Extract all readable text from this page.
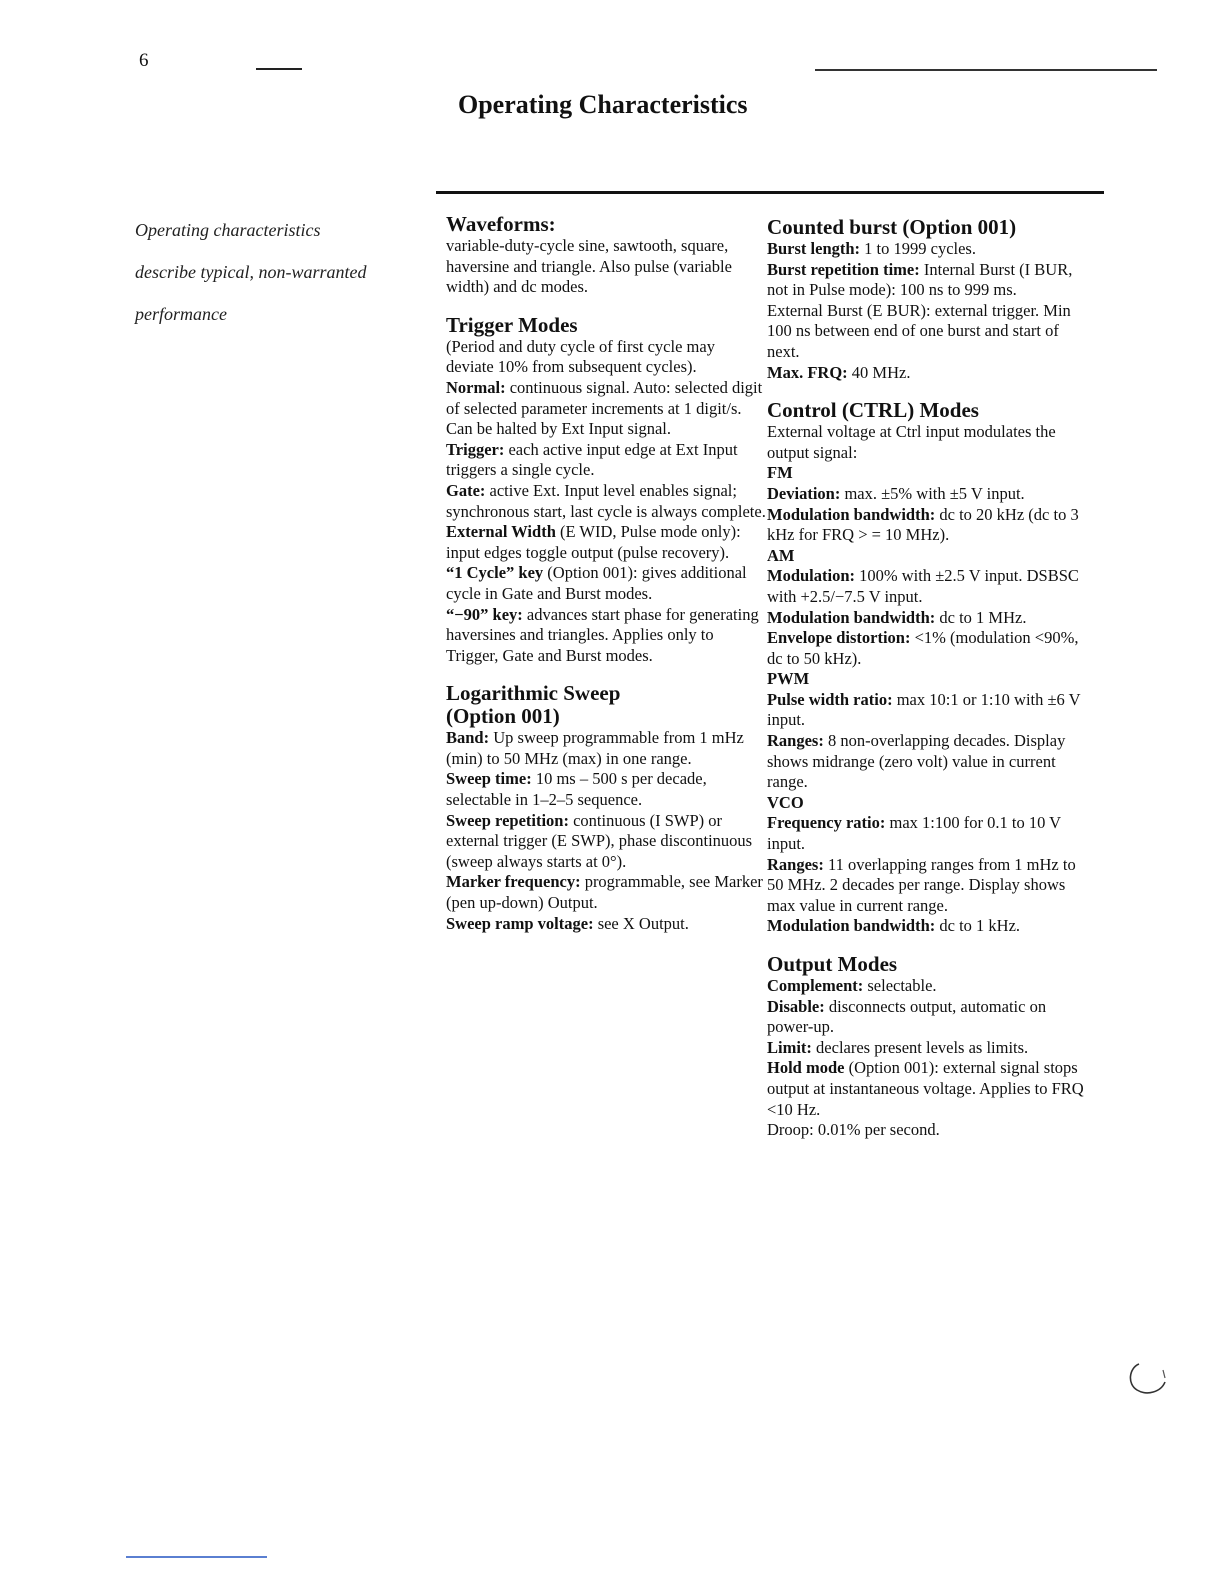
6
Operating Characteristics
Operating characteristics
describe typical, non-warranted
performance
Waveforms:

variable-duty-cycle sine, sawtooth, square, haversine and triangle. Also pulse (variable width) and dc modes.

Trigger Modes

(Period and duty cycle of first cycle may deviate 10% from subsequent cycles).

Normal: continuous signal. Auto: selected digit of selected parameter increments at 1 digit/s. Can be halted by Ext Input signal.

Trigger: each active input edge at Ext Input triggers a single cycle.

Gate: active Ext. Input level enables signal; synchronous start, last cycle is always complete.

External Width (E WID, Pulse mode only): input edges toggle output (pulse recovery).

“1 Cycle” key (Option 001): gives additional cycle in Gate and Burst modes.

“−90” key: advances start phase for generating haversines and triangles. Applies only to Trigger, Gate and Burst modes.

Logarithmic Sweep
(Option 001)

Band: Up sweep programmable from 1 mHz (min) to 50 MHz (max) in one range.

Sweep time: 10 ms – 500 s per decade, selectable in 1–2–5 sequence.

Sweep repetition: continuous (I SWP) or external trigger (E SWP), phase discontinuous (sweep always starts at 0°).

Marker frequency: programmable, see Marker (pen up-down) Output.

Sweep ramp voltage: see X Output.

Counted burst (Option 001)

Burst length: 1 to 1999 cycles.

Burst repetition time: Internal Burst (I BUR, not in Pulse mode): 100 ns to 999 ms.

External Burst (E BUR): external trigger. Min 100 ns between end of one burst and start of next.

Max. FRQ: 40 MHz.

Control (CTRL) Modes

External voltage at Ctrl input modulates the output signal:

FM

Deviation: max. ±5% with ±5 V input.

Modulation bandwidth: dc to 20 kHz (dc to 3 kHz for FRQ > = 10 MHz).

AM

Modulation: 100% with ±2.5 V input. DSBSC with +2.5/−7.5 V input.

Modulation bandwidth: dc to 1 MHz.

Envelope distortion: <1% (modulation <90%, dc to 50 kHz).

PWM

Pulse width ratio: max 10:1 or 1:10 with ±6 V input.

Ranges: 8 non-overlapping decades. Display shows midrange (zero volt) value in current range.

VCO

Frequency ratio: max 1:100 for 0.1 to 10 V input.

Ranges: 11 overlapping ranges from 1 mHz to 50 MHz. 2 decades per range. Display shows max value in current range.

Modulation bandwidth: dc to 1 kHz.

Output Modes

Complement: selectable.

Disable: disconnects output, automatic on power-up.

Limit: declares present levels as limits.

Hold mode (Option 001): external signal stops output at instantaneous voltage. Applies to FRQ <10 Hz.

Droop: 0.01% per second.
